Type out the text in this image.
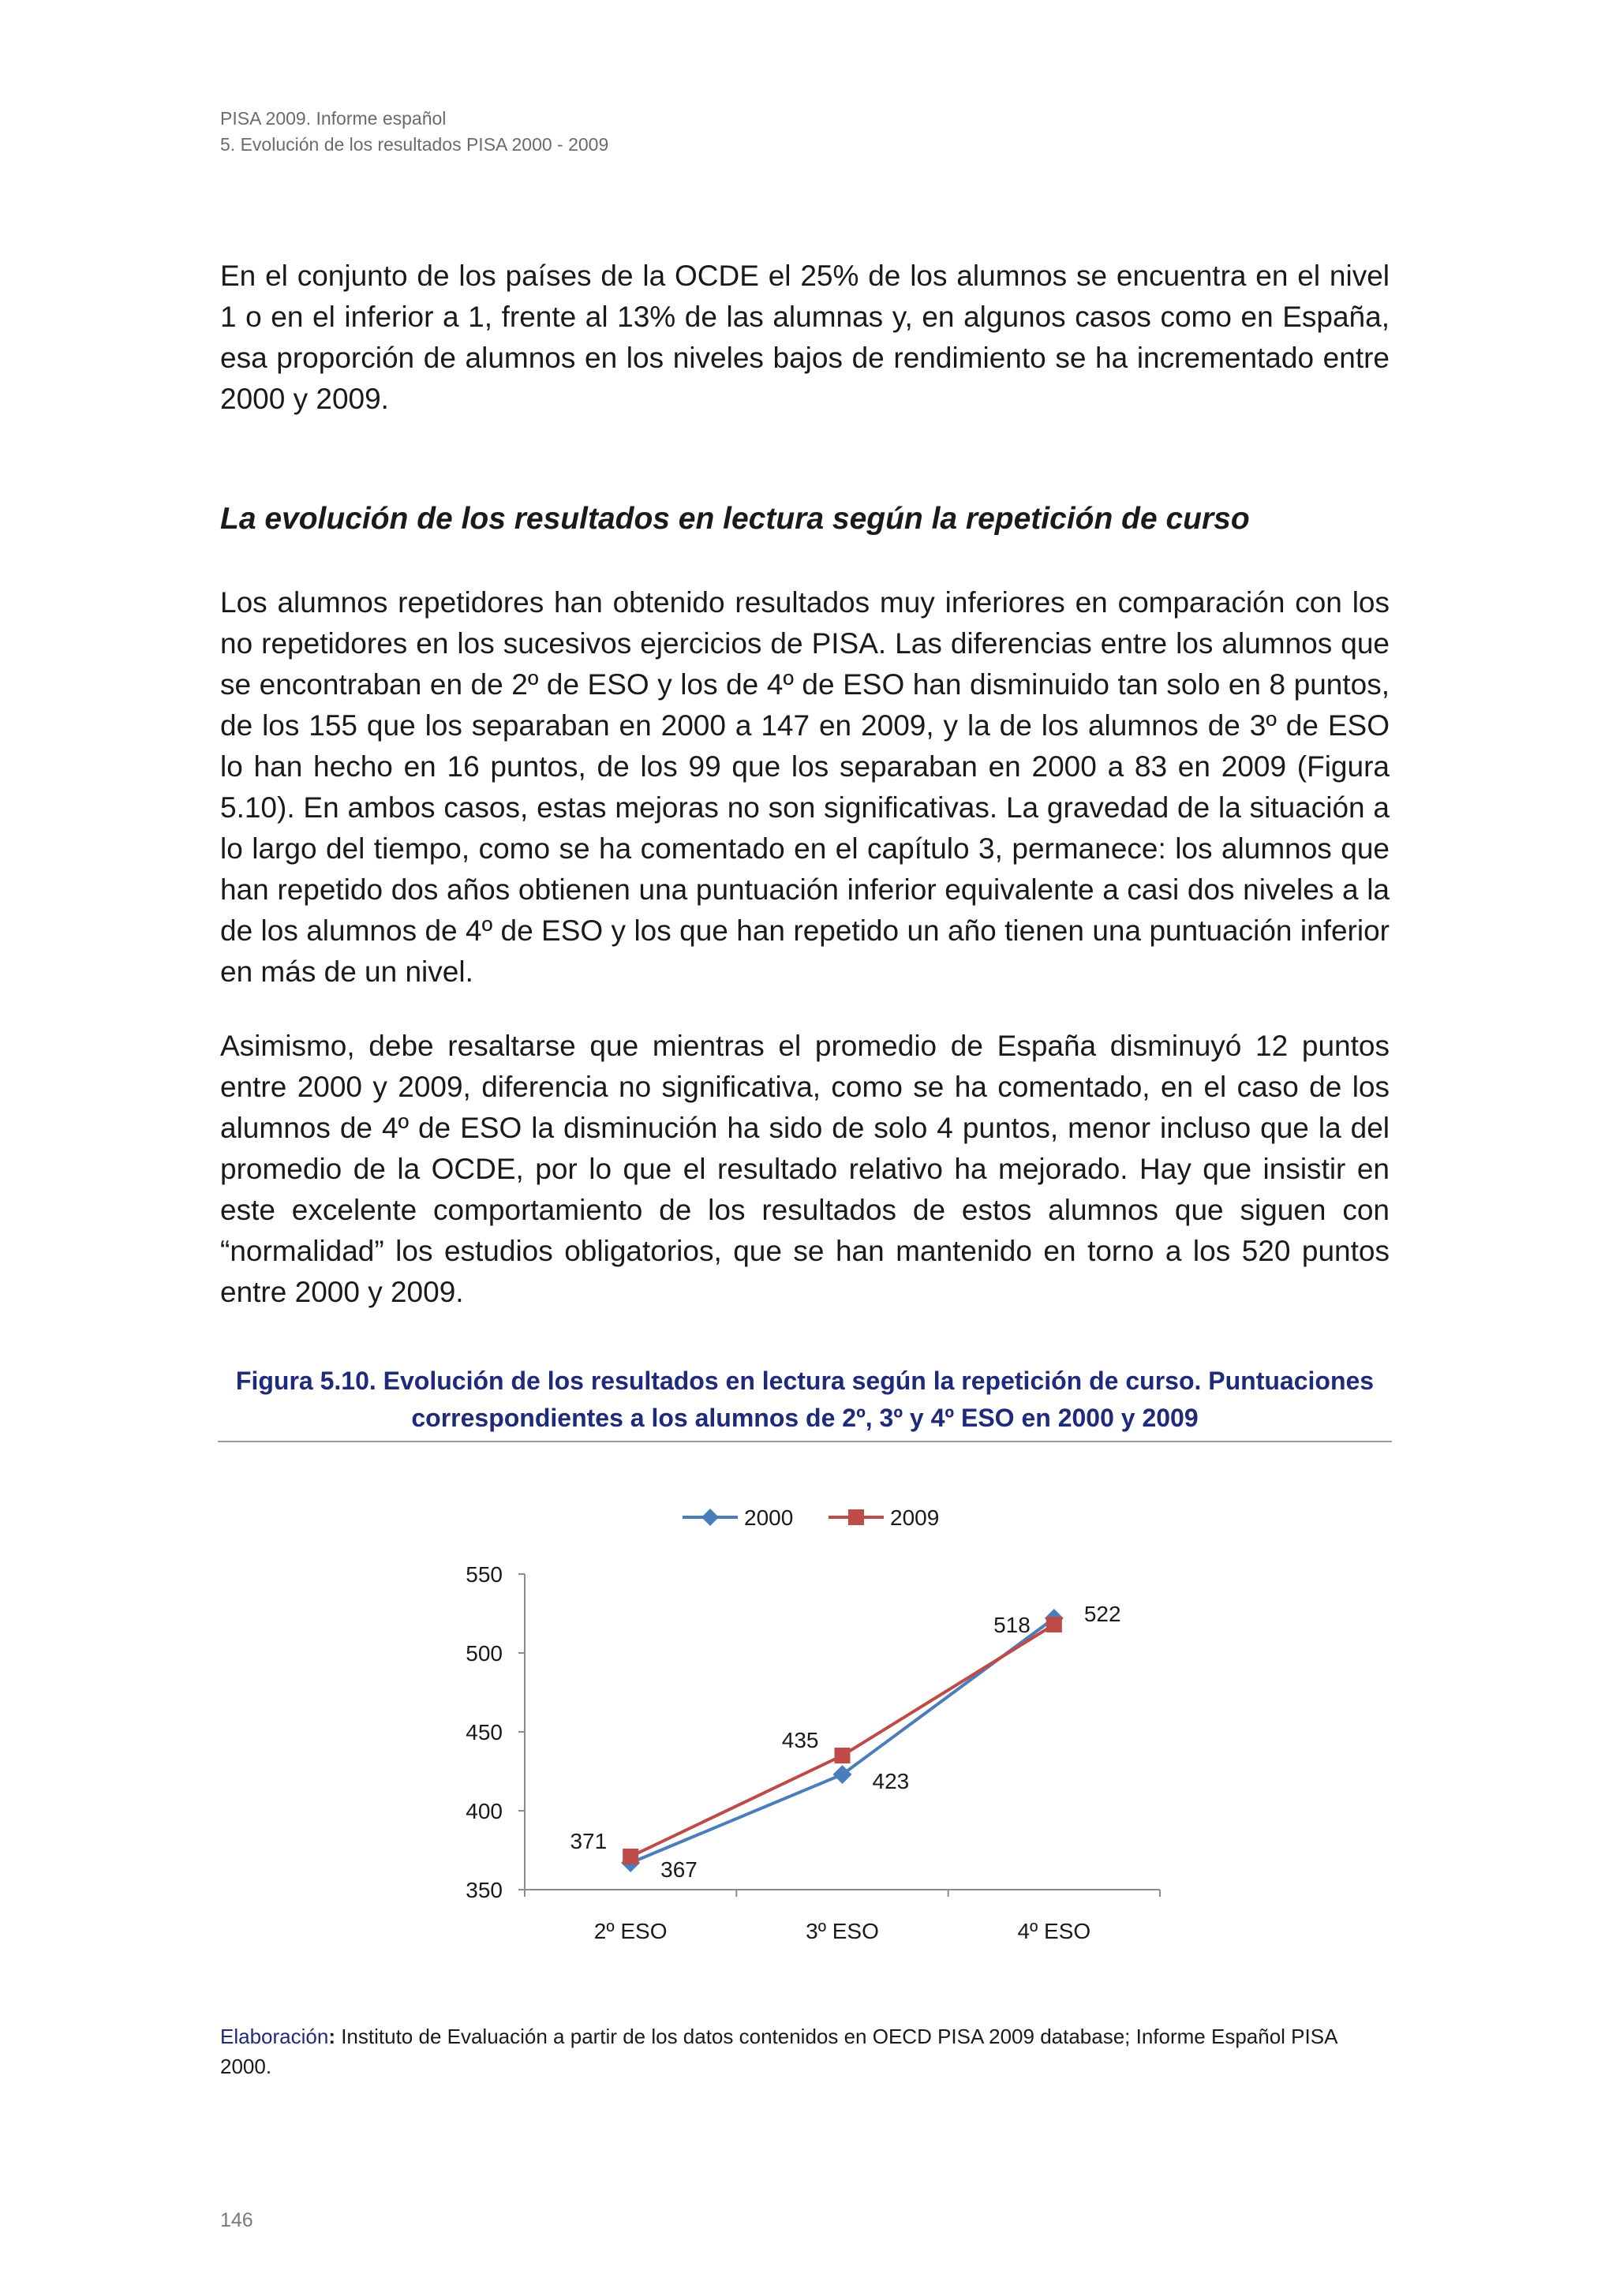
PISA 2009. Informe español
5. Evolución de los resultados PISA 2000 - 2009
En el conjunto de los países de la OCDE el 25% de los alumnos se encuentra en el nivel 1 o en el inferior a 1, frente al 13% de las alumnas y, en algunos casos como en España, esa proporción de alumnos en los niveles bajos de rendimiento se ha incrementado entre 2000 y 2009.
La evolución de los resultados en lectura según la repetición de curso
Los alumnos repetidores han obtenido resultados muy inferiores en comparación con los no repetidores en los sucesivos ejercicios de PISA. Las diferencias entre los alumnos que se encontraban en de 2º de ESO y los de 4º de ESO han disminuido tan solo en 8 puntos, de los 155 que los separaban en 2000 a 147 en 2009, y la de los alumnos de 3º de ESO lo han hecho en 16 puntos, de los 99 que los separaban en 2000 a 83 en 2009 (Figura 5.10). En ambos casos, estas mejoras no son significativas. La gravedad de la situación a lo largo del tiempo, como se ha comentado en el capítulo 3, permanece: los alumnos que han repetido dos años obtienen una puntuación inferior equivalente a casi dos niveles a la de los alumnos de 4º de ESO y los que han repetido un año tienen una puntuación inferior en más de un nivel.
Asimismo, debe resaltarse que mientras el promedio de España disminuyó 12 puntos entre 2000 y 2009, diferencia no significativa, como se ha comentado, en el caso de los alumnos de 4º de ESO la disminución ha sido de solo 4 puntos, menor incluso que la del promedio de la OCDE, por lo que el resultado relativo ha mejorado. Hay que insistir en este excelente comportamiento de los resultados de estos alumnos que siguen con “normalidad” los estudios obligatorios, que se han mantenido en torno a los 520 puntos entre 2000 y 2009.
Figura 5.10. Evolución de los resultados en lectura según la repetición de curso. Puntuaciones
correspondientes a los alumnos de 2º, 3º y 4º ESO en 2000 y 2009
350
400
450
500
550
2º ESO	3º ESO	4º ESO
2000	2009
367
423
522
371
435
518
Elaboración: Instituto de Evaluación a partir de los datos contenidos en OECD PISA 2009 database; Informe Español PISA 2000.
146
